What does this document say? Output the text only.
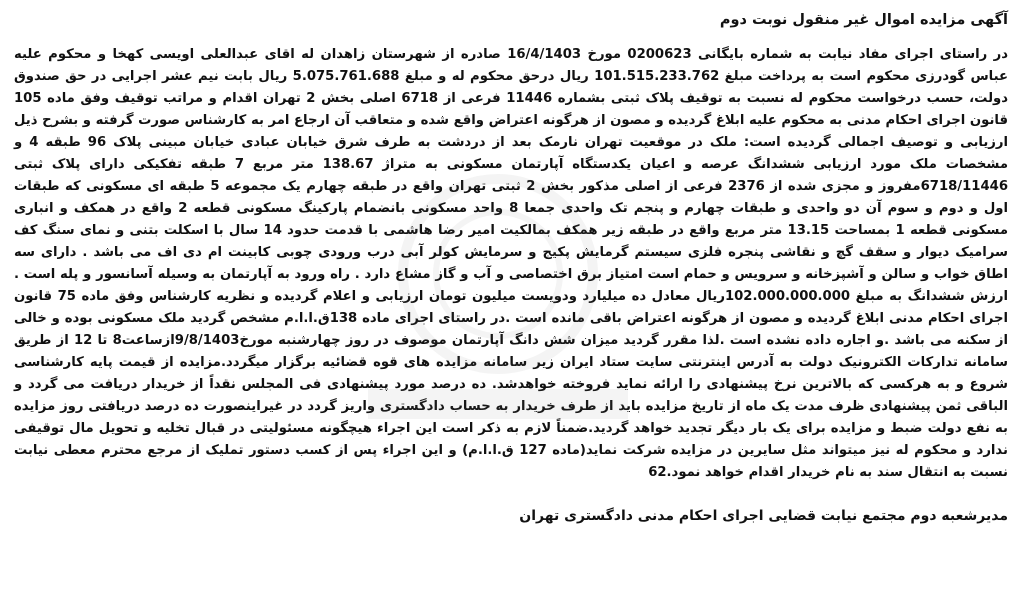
آگهی مزایده اموال غیر منقول نوبت دوم
در راستای اجرای مفاد نیابت به شماره بایگانی 0200623 مورخ 16/4/1403 صادره از شهرستان زاهدان له اقای عبدالعلی اویسی کهخا و محکوم علیه عباس گودرزی محکوم است به پرداخت مبلغ 101.515.233.762 ریال درحق محکوم له و مبلغ 5.075.761.688 ریال بابت نیم عشر اجرایی در حق صندوق دولت، حسب درخواست محکوم له نسبت به توقیف پلاک ثبتی بشماره 11446 فرعی از 6718 اصلی بخش 2 تهران اقدام و مراتب توقیف وفق ماده 105 قانون اجرای احکام مدنی به محکوم علیه ابلاغ گردیده و مصون از هرگونه اعتراض واقع شده و متعاقب آن ارجاع امر به کارشناس صورت گرفته و بشرح ذیل ارزیابی و توصیف اجمالی گردیده است: ملک در موقعیت تهران نارمک بعد از دردشت به طرف شرق خیابان عبادی خیابان مبینی پلاک 96 طبقه 4 و مشخصات ملک مورد ارزیابی ششدانگ عرصه و اعیان یکدستگاه آپارتمان مسکونی به متراژ 138.67 متر مربع 7 طبقه تفکیکی دارای پلاک ثبتی 6718/11446مفروز و مجزی شده از 2376 فرعی از اصلی مذکور بخش 2 ثبتی تهران واقع در طبقه چهارم یک مجموعه 5 طبقه ای مسکونی که طبقات اول و دوم و سوم آن دو واحدی و طبقات چهارم و پنجم تک واحدی جمعا 8 واحد مسکونی بانضمام پارکینگ مسکونی قطعه 2 واقع در همکف و انباری مسکونی قطعه 1 بمساحت 13.15 متر مربع واقع در طبقه زیر همکف بمالکیت امیر رضا هاشمی با قدمت حدود 14 سال با اسکلت بتنی و نمای سنگ کف سرامیک دیوار و سقف گچ و نقاشی پنجره فلزی سیستم گرمایش پکیج و سرمایش کولر آبی درب ورودی چوبی کابینت ام دی اف می باشد . دارای سه اطاق خواب و سالن و آشپزخانه و سرویس و حمام است امتیاز برق اختصاصی و آب و گاز مشاع دارد . راه ورود به آپارتمان به وسیله آسانسور و پله است . ارزش ششدانگ به مبلغ 102.000.000.000ریال معادل ده میلیارد ودویست میلیون تومان ارزیابی و اعلام گردیده و نظریه کارشناس وفق ماده 75 قانون اجرای احکام مدنی ابلاغ گردیده و مصون از هرگونه اعتراض باقی مانده است .در راستای اجرای ماده 138ق.ا.ا.م مشخص گردید ملک مسکونی بوده و خالی از سکنه می باشد .و اجاره داده نشده است .لذا مقرر گردید میزان شش دانگ آپارتمان موصوف در روز چهارشنبه مورخ9/8/1403ازساعت8 تا 12 از طریق سامانه تدارکات الکترونیک دولت به آدرس اینترنتی سایت ستاد ایران زیر سامانه مزایده های قوه قضائیه برگزار میگردد.مزایده از قیمت پایه کارشناسی شروع و به هرکسی که بالاترین نرخ پیشنهادی را ارائه نماید فروخته خواهدشد. ده درصد مورد پیشنهادی فی المجلس نقداً از خریدار دریافت می گردد و الباقی ثمن پیشنهادی ظرف مدت یک ماه از تاریخ مزایده باید از طرف خریدار به حساب دادگستری واریز گردد در غیراینصورت ده درصد دریافتی روز مزایده به نفع دولت ضبط و مزایده برای یک بار دیگر تجدید خواهد گردید.ضمناً لازم به ذکر است این اجراء هیچگونه مسئولیتی در قبال تخلیه و تحویل مال توقیفی ندارد و محکوم له نیز میتواند مثل سایرین در مزایده شرکت نماید(ماده 127 ق.ا.ا.م) و این اجراء پس از کسب دستور تملیک از مرجع محترم معطی نیابت نسبت به انتقال سند به نام خریدار اقدام خواهد نمود.62
مدیرشعبه دوم مجتمع نیابت قضایی اجرای احکام مدنی دادگستری تهران
